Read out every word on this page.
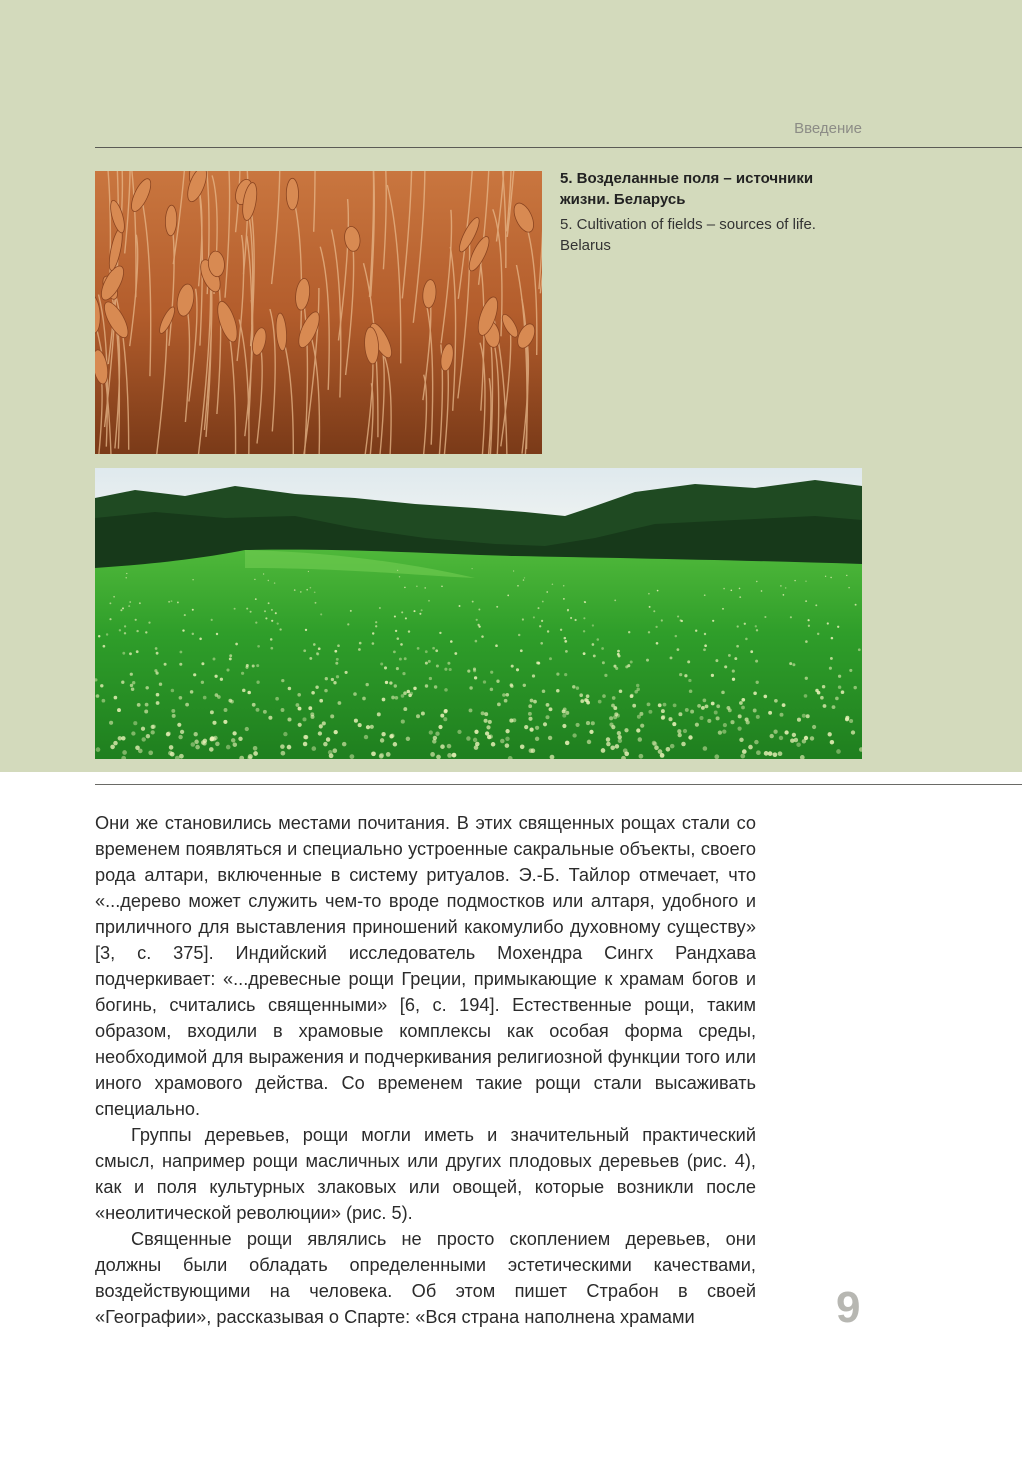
Введение

5. Возделанные поля – источники жизни. Беларусь

5. Cultivation of fields – sources of life. Belarus

Они же становились местами почитания. В этих священных рощах стали со временем появляться и специально устроенные сакральные объекты, своего рода алтари, включенные в систему ритуалов. Э.-Б. Тайлор отмечает, что «...дерево может служить чем-то вроде подмостков или алтаря, удобного и приличного для выставления приношений какомулибо духовному существу» [3, с. 375]. Индийский исследователь Мохендра Сингх Рандхава подчеркивает: «...древесные рощи Греции, примыкающие к храмам богов и богинь, считались священными» [6, с. 194]. Естественные рощи, таким образом, входили в храмовые комплексы как особая форма среды, необходимой для выражения и подчеркивания религиозной функции того или иного храмового действа. Со временем такие рощи стали высаживать специально.

Группы деревьев, рощи могли иметь и значительный практический смысл, например рощи масличных или других плодовых деревьев (рис. 4), как и поля культурных злаковых или овощей, которые возникли после «неолитической революции» (рис. 5).

Священные рощи являлись не просто скоплением деревьев, они должны были обладать определенными эстетическими качествами, воздействующими на человека. Об этом пишет Страбон в своей «Географии», рассказывая о Спарте: «Вся страна наполнена храмами	9
